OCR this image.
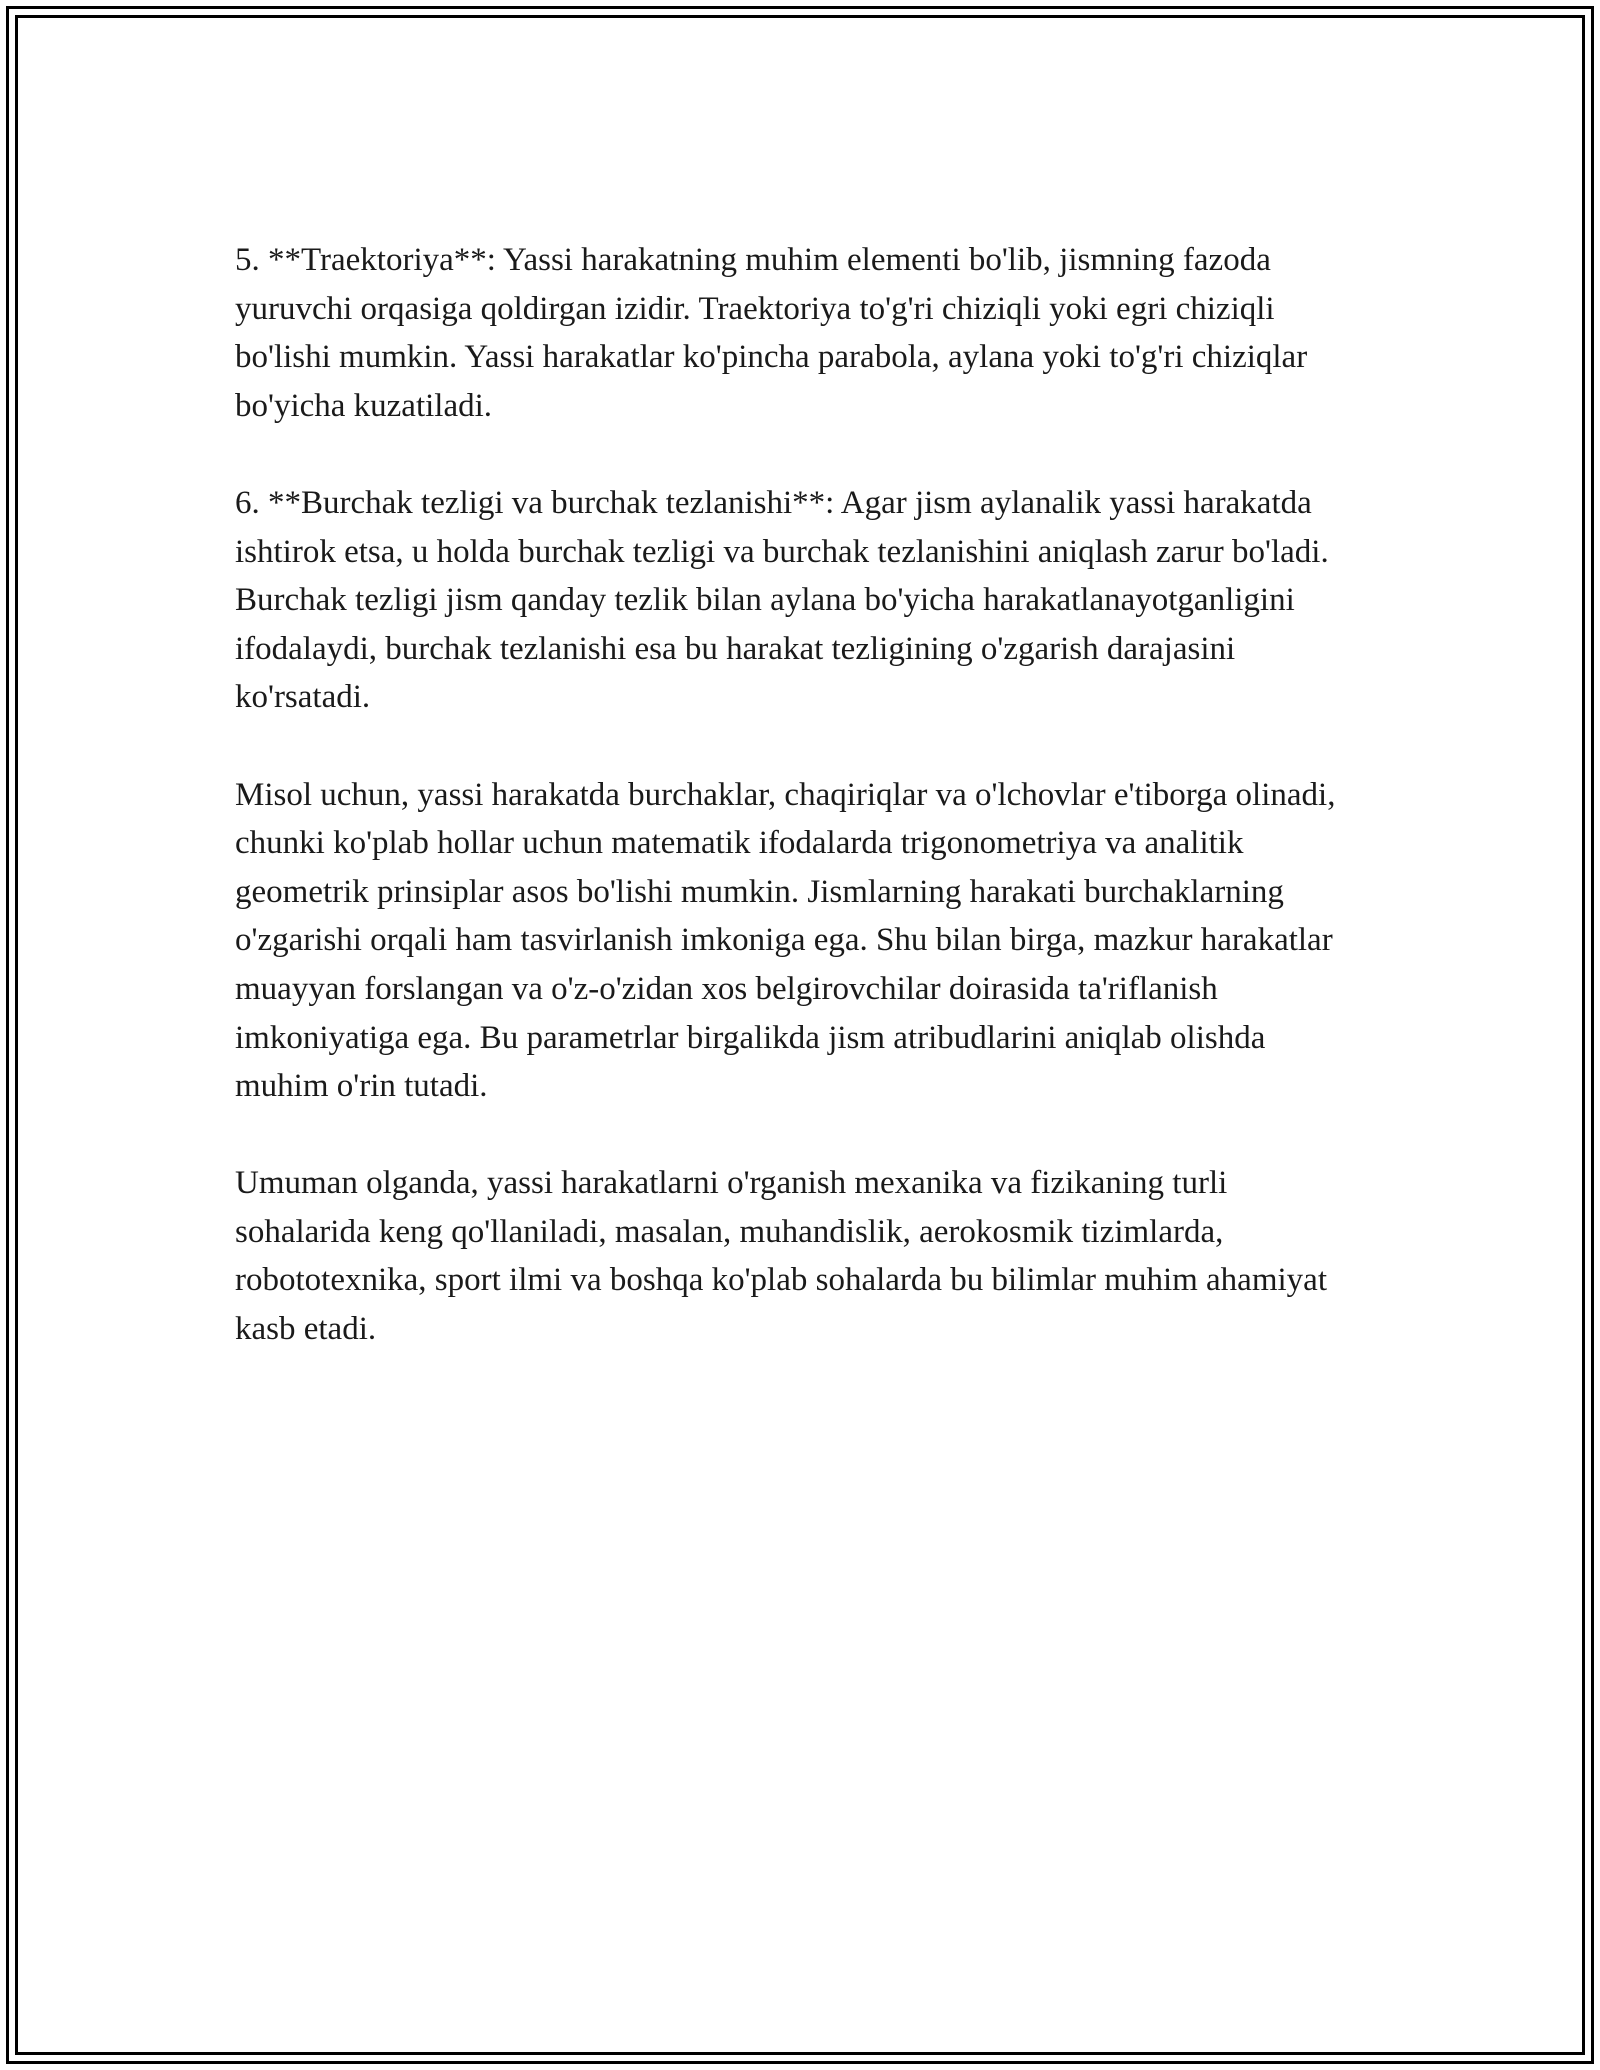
5. **Traektoriya**: Yassi harakatning muhim elementi bo'lib, jismning fazoda yuruvchi orqasiga qoldirgan izidir. Traektoriya to'g'ri chiziqli yoki egri chiziqli bo'lishi mumkin. Yassi harakatlar ko'pincha parabola, aylana yoki to'g'ri chiziqlar bo'yicha kuzatiladi.

6. **Burchak tezligi va burchak tezlanishi**: Agar jism aylanalik yassi harakatda ishtirok etsa, u holda burchak tezligi va burchak tezlanishini aniqlash zarur bo'ladi. Burchak tezligi jism qanday tezlik bilan aylana bo'yicha harakatlanayotganligini ifodalaydi, burchak tezlanishi esa bu harakat tezligining o'zgarish darajasini ko'rsatadi.

Misol uchun, yassi harakatda burchaklar, chaqiriqlar va o'lchovlar e'tiborga olinadi, chunki ko'plab hollar uchun matematik ifodalarda trigonometriya va analitik geometrik prinsiplar asos bo'lishi mumkin. Jismlarning harakati burchaklarning o'zgarishi orqali ham tasvirlanish imkoniga ega. Shu bilan birga, mazkur harakatlar muayyan forslangan va o'z-o'zidan xos belgirovchilar doirasida ta'riflanish imkoniyatiga ega. Bu parametrlar birgalikda jism atribudlarini aniqlab olishda muhim o'rin tutadi.

Umuman olganda, yassi harakatlarni o'rganish mexanika va fizikaning turli sohalarida keng qo'llaniladi, masalan, muhandislik, aerokosmik tizimlarda, robototexnika, sport ilmi va boshqa ko'plab sohalarda bu bilimlar muhim ahamiyat kasb etadi.
